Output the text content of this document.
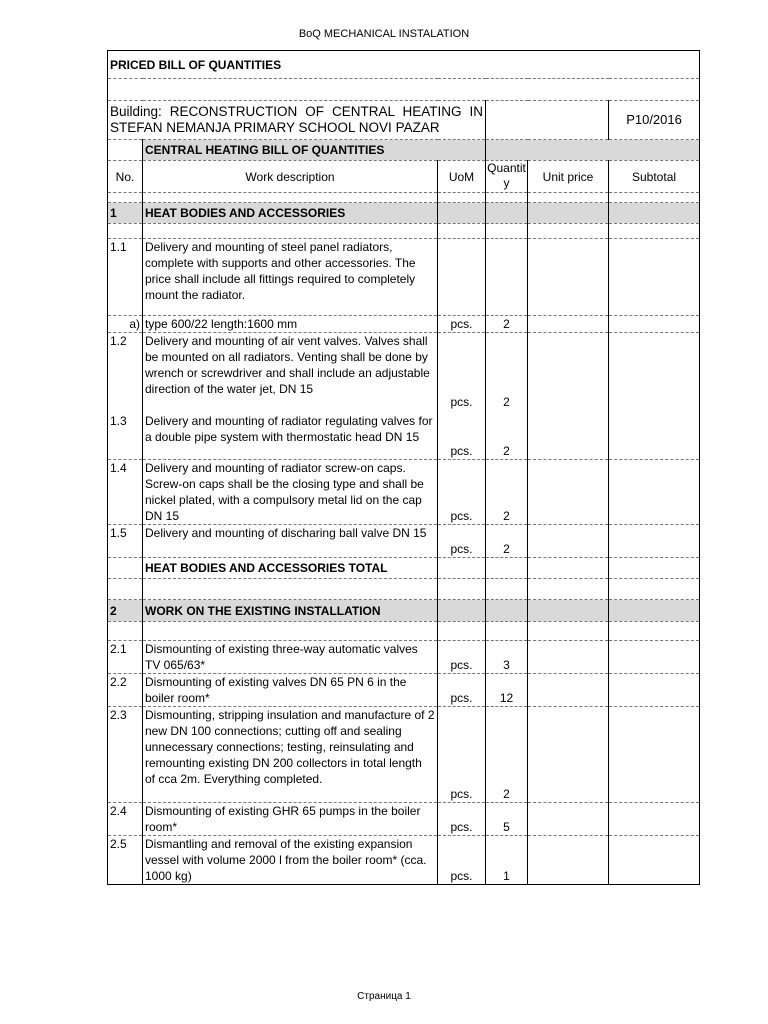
BoQ MECHANICAL INSTALATION
PRICED BILL OF QUANTITIES					

Building: RECONSTRUCTION OF CENTRAL HEATING IN STEFAN NEMANJA PRIMARY SCHOOL NOVI PAZAR					P10/2016
	CENTRAL HEATING BILL OF QUANTITIES				
No.	Work description	UoM	Quantity	Unit price	Subtotal

1	HEAT BODIES AND ACCESSORIES				

1.1	Delivery and mounting of steel panel radiators, complete with supports and other accessories. The price shall include all fittings required to completely mount the radiator.				
a)	type 600/22 length:1600 mm	pcs.	2		
1.2	Delivery and mounting of air vent valves. Valves shall be mounted on all radiators. Venting shall be done by wrench or screwdriver and shall include an adjustable direction of the water jet, DN 15	pcs.	2		
1.3	Delivery and mounting of radiator regulating valves for a double pipe system with thermostatic head DN 15	pcs.	2		
1.4	Delivery and mounting of radiator screw-on caps. Screw-on caps shall be the closing type and shall be nickel plated, with a compulsory metal lid on the cap DN 15	pcs.	2		
1.5	Delivery and mounting of discharing ball valve DN 15	pcs.	2		
	HEAT BODIES AND ACCESSORIES TOTAL				

2	WORK ON THE EXISTING INSTALLATION				

2.1	Dismounting of existing three-way automatic valves TV 065/63*	pcs.	3		
2.2	Dismounting of existing valves DN 65 PN 6 in the boiler room*	pcs.	12		
2.3	Dismounting, stripping insulation and manufacture of 2 new DN 100 connections; cutting off and sealing unnecessary connections; testing, reinsulating and remounting existing DN 200 collectors in total length of cca 2m. Everything completed.	pcs.	2		
2.4	Dismounting of existing GHR 65 pumps in the boiler room*	pcs.	5		
2.5	Dismantling and removal of the existing expansion vessel with volume 2000 l from the boiler room* (cca. 1000 kg)	pcs.	1		
Страница 1
